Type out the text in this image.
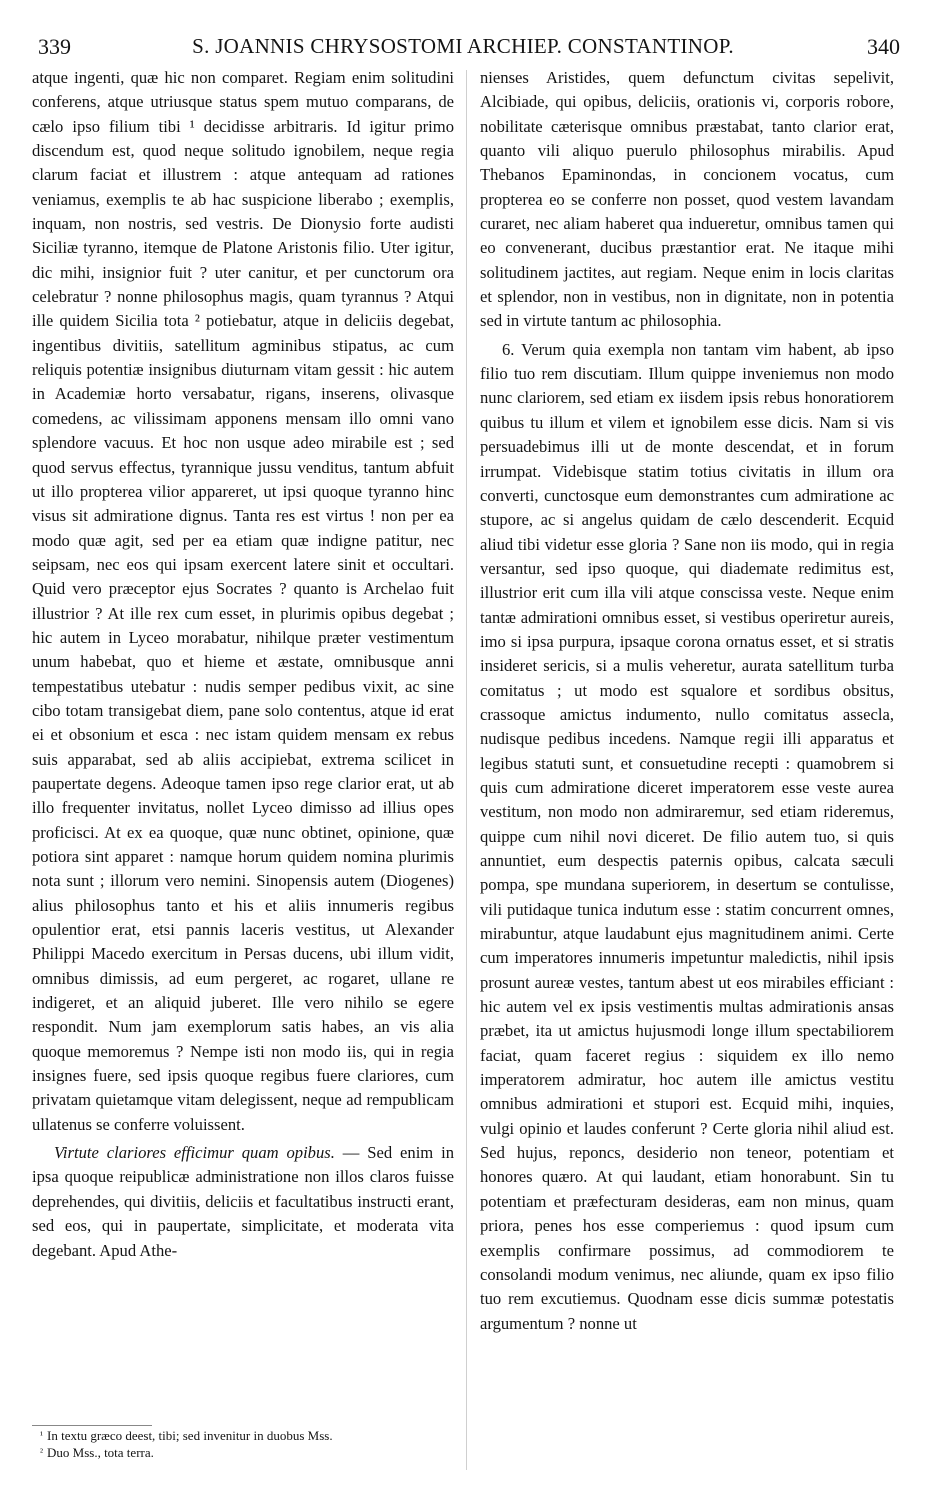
339	S. JOANNIS CHRYSOSTOMI ARCHIEP. CONSTANTINOP.	340

atque ingenti, quæ hic non comparet. Regiam enim solitudini conferens, atque utriusque status spem mutuo comparans, de cælo ipso filium tibi ¹ decidisse arbitraris. Id igitur primo discendum est, quod neque solitudo ignobilem, neque regia clarum faciat et illustrem : atque antequam ad rationes veniamus, exemplis te ab hac suspicione liberabo ; exemplis, inquam, non nostris, sed vestris. De Dionysio forte audisti Siciliæ tyranno, itemque de Platone Aristonis filio. Uter igitur, dic mihi, insignior fuit ? uter canitur, et per cunctorum ora celebratur ? nonne philosophus magis, quam tyrannus ? Atqui ille quidem Sicilia tota ² potiebatur, atque in deliciis degebat, ingentibus divitiis, satellitum agminibus stipatus, ac cum reliquis potentiæ insignibus diuturnam vitam gessit : hic autem in Academiæ horto versabatur, rigans, inserens, olivasque comedens, ac vilissimam apponens mensam illo omni vano splendore vacuus. Et hoc non usque adeo mirabile est ; sed quod servus effectus, tyrannique jussu venditus, tantum abfuit ut illo propterea vilior appareret, ut ipsi quoque tyranno hinc visus sit admiratione dignus. Tanta res est virtus ! non per ea modo quæ agit, sed per ea etiam quæ indigne patitur, nec seipsam, nec eos qui ipsam exercent latere sinit et occultari. Quid vero præceptor ejus Socrates ? quanto is Archelao fuit illustrior ? At ille rex cum esset, in plurimis opibus degebat ; hic autem in Lyceo morabatur, nihilque præter vestimentum unum habebat, quo et hieme et æstate, omnibusque anni tempestatibus utebatur : nudis semper pedibus vixit, ac sine cibo totam transigebat diem, pane solo contentus, atque id erat ei et obsonium et esca : nec istam quidem mensam ex rebus suis apparabat, sed ab aliis accipiebat, extrema scilicet in paupertate degens. Adeoque tamen ipso rege clarior erat, ut ab illo frequenter invitatus, nollet Lyceo dimisso ad illius opes proficisci. At ex ea quoque, quæ nunc obtinet, opinione, quæ potiora sint apparet : namque horum quidem nomina plurimis nota sunt ; illorum vero nemini. Sinopensis autem (Diogenes) alius philosophus tanto et his et aliis innumeris regibus opulentior erat, etsi pannis laceris vestitus, ut Alexander Philippi Macedo exercitum in Persas ducens, ubi illum vidit, omnibus dimissis, ad eum pergeret, ac rogaret, ullane re indigeret, et an aliquid juberet. Ille vero nihilo se egere respondit. Num jam exemplorum satis habes, an vis alia quoque memoremus ? Nempe isti non modo iis, qui in regia insignes fuere, sed ipsis quoque regibus fuere clariores, cum privatam quietamque vitam delegissent, neque ad rempublicam ullatenus se conferre voluissent.

Virtute clariores efficimur quam opibus. — Sed enim in ipsa quoque reipublicæ administratione non illos claros fuisse deprehendes, qui divitiis, deliciis et facultatibus instructi erant, sed eos, qui in paupertate, simplicitate, et moderata vita degebant. Apud Athe-

nienses Aristides, quem defunctum civitas sepelivit, Alcibiade, qui opibus, deliciis, orationis vi, corporis robore, nobilitate cæterisque omnibus præstabat, tanto clarior erat, quanto vili aliquo puerulo philosophus mirabilis. Apud Thebanos Epaminondas, in concionem vocatus, cum propterea eo se conferre non posset, quod vestem lavandam curaret, nec aliam haberet qua indueretur, omnibus tamen qui eo convenerant, ducibus præstantior erat. Ne itaque mihi solitudinem jactites, aut regiam. Neque enim in locis claritas et splendor, non in vestibus, non in dignitate, non in potentia sed in virtute tantum ac philosophia.

6. Verum quia exempla non tantam vim habent, ab ipso filio tuo rem discutiam. Illum quippe inveniemus non modo nunc clariorem, sed etiam ex iisdem ipsis rebus honoratiorem quibus tu illum et vilem et ignobilem esse dicis. Nam si vis persuadebimus illi ut de monte descendat, et in forum irrumpat. Videbisque statim totius civitatis in illum ora converti, cunctosque eum demonstrantes cum admiratione ac stupore, ac si angelus quidam de cælo descenderit. Ecquid aliud tibi videtur esse gloria ? Sane non iis modo, qui in regia versantur, sed ipso quoque, qui diademate redimitus est, illustrior erit cum illa vili atque conscissa veste. Neque enim tantæ admirationi omnibus esset, si vestibus operiretur aureis, imo si ipsa purpura, ipsaque corona ornatus esset, et si stratis insideret sericis, si a mulis veheretur, aurata satellitum turba comitatus ; ut modo est squalore et sordibus obsitus, crassoque amictus indumento, nullo comitatus assecla, nudisque pedibus incedens. Namque regii illi apparatus et legibus statuti sunt, et consuetudine recepti : quamobrem si quis cum admiratione diceret imperatorem esse veste aurea vestitum, non modo non admiraremur, sed etiam rideremus, quippe cum nihil novi diceret. De filio autem tuo, si quis annuntiet, eum despectis paternis opibus, calcata sæculi pompa, spe mundana superiorem, in desertum se contulisse, vili putidaque tunica indutum esse : statim concurrent omnes, mirabuntur, atque laudabunt ejus magnitudinem animi. Certe cum imperatores innumeris impetuntur maledictis, nihil ipsis prosunt aureæ vestes, tantum abest ut eos mirabiles efficiant : hic autem vel ex ipsis vestimentis multas admirationis ansas præbet, ita ut amictus hujusmodi longe illum spectabiliorem faciat, quam faceret regius : siquidem ex illo nemo imperatorem admiratur, hoc autem ille amictus vestitu omnibus admirationi et stupori est. Ecquid mihi, inquies, vulgi opinio et laudes conferunt ? Certe gloria nihil aliud est. Sed hujus, reponcs, desiderio non teneor, potentiam et honores quæro. At qui laudant, etiam honorabunt. Sin tu potentiam et præfecturam desideras, eam non minus, quam priora, penes hos esse comperiemus : quod ipsum cum exemplis confirmare possimus, ad commodiorem te consolandi modum venimus, nec aliunde, quam ex ipso filio tuo rem excutiemus. Quodnam esse dicis summæ potestatis argumentum ? nonne ut

$^{^1}$ In textu græco deest, tibi; sed invenitur in duobus Mss.
$^{^2}$ Duo Mss., tota terra.
